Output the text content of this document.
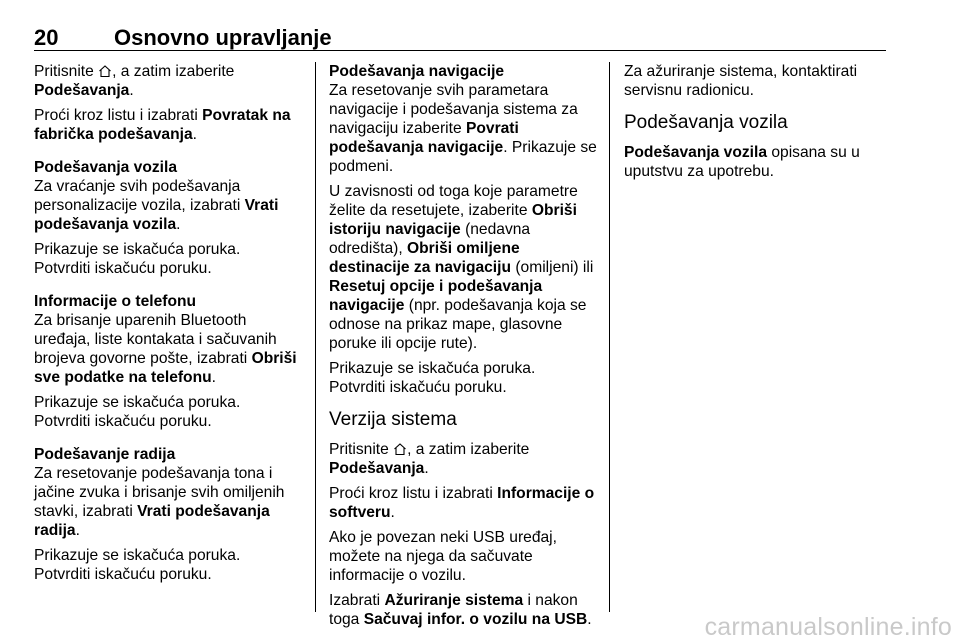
20	Osnovno upravljanje

Pritisnite , a zatim izaberite
Podešavanja.

Proći kroz listu i izabrati Povratak na fabrička podešavanja.

Podešavanja vozila

Za vraćanje svih podešavanja personalizacije vozila, izabrati Vrati podešavanja vozila.

Prikazuje se iskačuća poruka.
Potvrditi iskačuću poruku.

Informacije o telefonu

Za brisanje uparenih Bluetooth uređaja, liste kontakata i sačuvanih brojeva govorne pošte, izabrati Obriši sve podatke na telefonu.

Prikazuje se iskačuća poruka.
Potvrditi iskačuću poruku.

Podešavanje radija

Za resetovanje podešavanja tona i jačine zvuka i brisanje svih omiljenih stavki, izabrati Vrati podešavanja radija.

Prikazuje se iskačuća poruka.
Potvrditi iskačuću poruku.

Podešavanja navigacije

Za resetovanje svih parametara navigacije i podešavanja sistema za navigaciju izaberite Povrati podešavanja navigacije. Prikazuje se podmeni.

U zavisnosti od toga koje parametre želite da resetujete, izaberite Obriši istoriju navigacije (nedavna odredišta), Obriši omiljene destinacije za navigaciju (omiljeni) ili Resetuj opcije i podešavanja navigacije (npr. podešavanja koja se odnose na prikaz mape, glasovne poruke ili opcije rute).

Prikazuje se iskačuća poruka.
Potvrditi iskačuću poruku.

Verzija sistema

Pritisnite , a zatim izaberite
Podešavanja.

Proći kroz listu i izabrati Informacije o softveru.

Ako je povezan neki USB uređaj, možete na njega da sačuvate informacije o vozilu.

Izabrati Ažuriranje sistema i nakon toga Sačuvaj infor. o vozilu na USB.

Za ažuriranje sistema, kontaktirati servisnu radionicu.

Podešavanja vozila

Podešavanja vozila opisana su u uputstvu za upotrebu.

carmanualsonline.info
